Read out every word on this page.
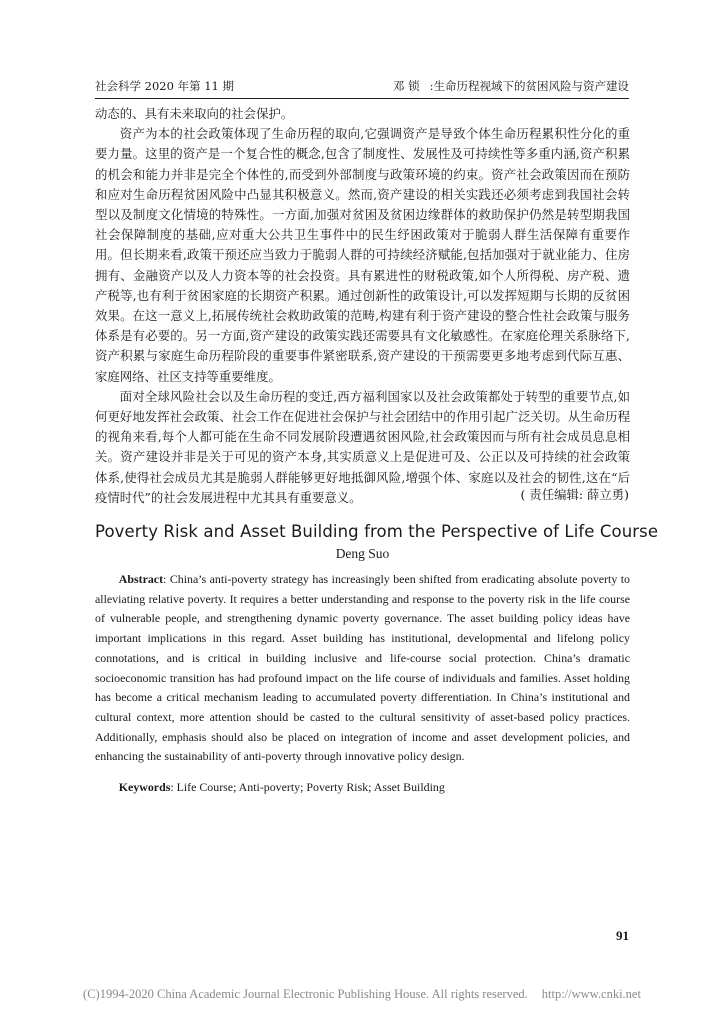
社会科学 2020 年第 11 期	邓 锁 :生命历程视域下的贫困风险与资产建设

动态的、具有未来取向的社会保护。

资产为本的社会政策体现了生命历程的取向,它强调资产是导致个体生命历程累积性分化的重要力量。这里的资产是一个复合性的概念,包含了制度性、发展性及可持续性等多重内涵,资产积累的机会和能力并非是完全个体性的,而受到外部制度与政策环境的约束。资产社会政策因而在预防和应对生命历程贫困风险中凸显其积极意义。然而,资产建设的相关实践还必须考虑到我国社会转型以及制度文化情境的特殊性。一方面,加强对贫困及贫困边缘群体的救助保护仍然是转型期我国社会保障制度的基础,应对重大公共卫生事件中的民生纾困政策对于脆弱人群生活保障有重要作用。但长期来看,政策干预还应当致力于脆弱人群的可持续经济赋能,包括加强对于就业能力、住房拥有、金融资产以及人力资本等的社会投资。具有累进性的财税政策,如个人所得税、房产税、遗产税等,也有利于贫困家庭的长期资产积累。通过创新性的政策设计,可以发挥短期与长期的反贫困效果。在这一意义上,拓展传统社会救助政策的范畴,构建有利于资产建设的整合性社会政策与服务体系是有必要的。另一方面,资产建设的政策实践还需要具有文化敏感性。在家庭伦理关系脉络下,资产积累与家庭生命历程阶段的重要事件紧密联系,资产建设的干预需要更多地考虑到代际互惠、家庭网络、社区支持等重要维度。

面对全球风险社会以及生命历程的变迁,西方福利国家以及社会政策都处于转型的重要节点,如何更好地发挥社会政策、社会工作在促进社会保护与社会团结中的作用引起广泛关切。从生命历程的视角来看,每个人都可能在生命不同发展阶段遭遇贫困风险,社会政策因而与所有社会成员息息相关。资产建设并非是关于可见的资产本身,其实质意义上是促进可及、公正以及可持续的社会政策体系,使得社会成员尤其是脆弱人群能够更好地抵御风险,增强个体、家庭以及社会的韧性,这在“后疫情时代”的社会发展进程中尤其具有重要意义。	( 责任编辑: 薛立勇)
Poverty Risk and Asset Building from the Perspective of Life Course
Deng Suo
Abstract: China’s anti-poverty strategy has increasingly been shifted from eradicating absolute poverty to alleviating relative poverty. It requires a better understanding and response to the poverty risk in the life course of vulnerable people, and strengthening dynamic poverty governance. The asset building policy ideas have important implications in this regard. Asset building has institutional, developmental and lifelong policy connotations, and is critical in building inclusive and life-course social protection. China’s dramatic socioeconomic transition has had profound impact on the life course of individuals and families. Asset holding has become a critical mechanism leading to accumulated poverty differentiation. In China’s institutional and cultural context, more attention should be casted to the cultural sensitivity of asset-based policy practices. Additionally, emphasis should also be placed on integration of income and asset development policies, and enhancing the sustainability of anti-poverty through innovative policy design.
Keywords: Life Course; Anti-poverty; Poverty Risk; Asset Building
91
(C)1994-2020 China Academic Journal Electronic Publishing House. All rights reserved. http://www.cnki.net
